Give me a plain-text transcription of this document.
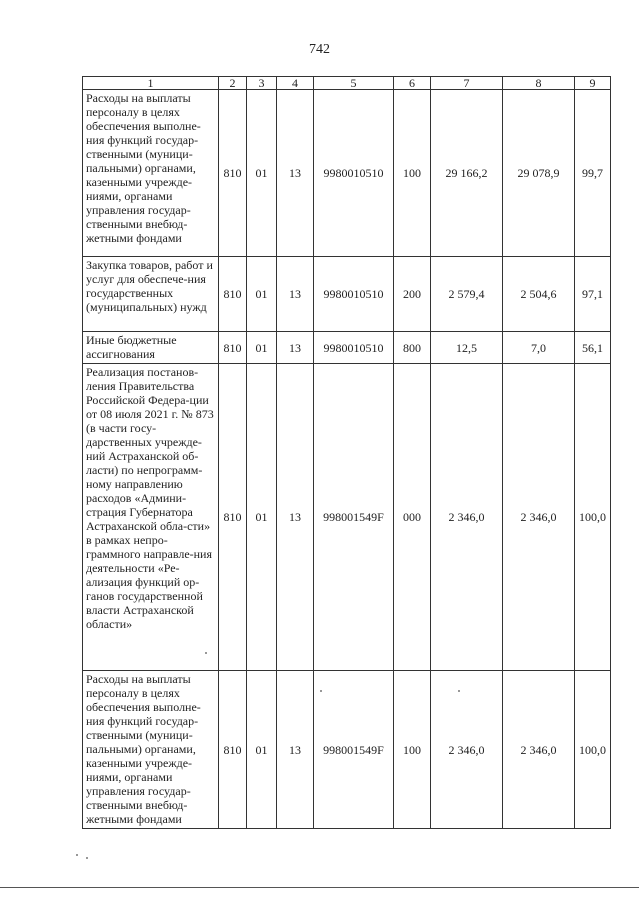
742
1	2	3	4	5	6	7	8	9
Расходы на выплаты персоналу в целях обеспечения выполне-ния функций государ-ственными (муници-пальными) органами, казенными учрежде-ниями, органами управления государ-ственными внебюд-жетными фондами	810	01	13	9980010510	100	29 166,2	29 078,9	99,7
Закупка товаров, работ и услуг для обеспече-ния государственных (муниципальных) нужд	810	01	13	9980010510	200	2 579,4	2 504,6	97,1
Иные бюджетные ассигнования	810	01	13	9980010510	800	12,5	7,0	56,1
Реализация постанов-ления Правительства Российской Федера-ции от 08 июля 2021 г. № 873 (в части госу-дарственных учрежде-ний Астраханской об-ласти) по непрограмм-ному направлению расходов «Админи-страция Губернатора Астраханской обла-сти» в рамках непро-граммного направле-ния деятельности «Ре-ализация функций ор-ганов государственной власти Астраханской области»	810	01	13	998001549F	000	2 346,0	2 346,0	100,0
Расходы на выплаты персоналу в целях обеспечения выполне-ния функций государ-ственными (муници-пальными) органами, казенными учрежде-ниями, органами управления государ-ственными внебюд-жетными фондами	810	01	13	998001549F	100	2 346,0	2 346,0	100,0
